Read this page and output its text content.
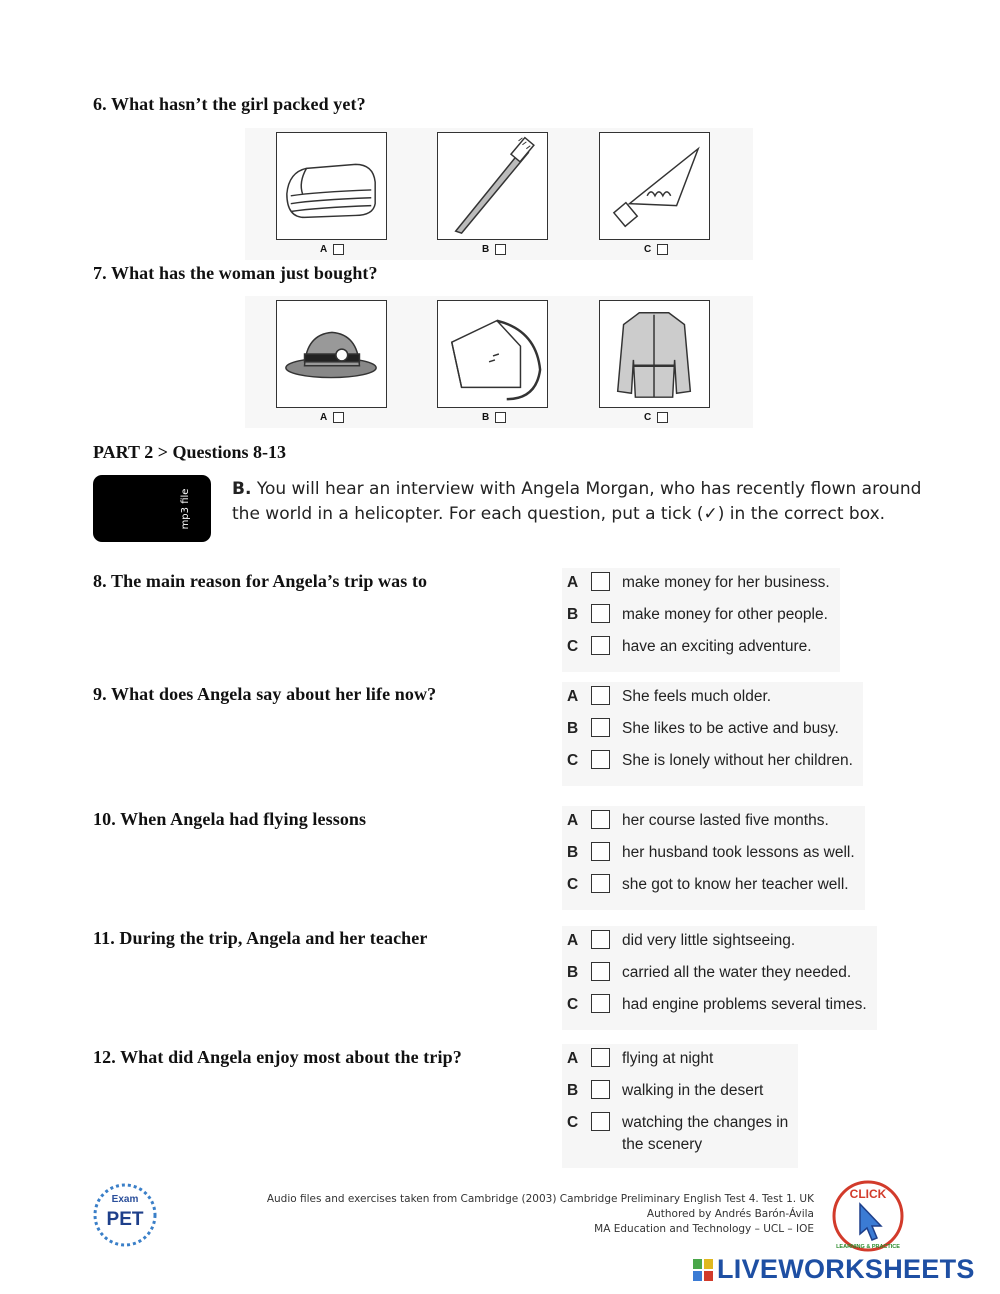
6. What hasn’t the girl packed yet?

A	B	C

7. What has the woman just bought?

A	B	C

PART 2 > Questions 8-13

mp3 file B. You will hear an interview with Angela Morgan, who has recently flown around the world in a helicopter. For each question, put a tick (✓) in the correct box.

8. The main reason for Angela’s trip was to	A	make money for her business.
B	make money for other people.
C	have an exciting adventure.

9. What does Angela say about her life now?	A	She feels much older.
B	She likes to be active and busy.
C	She is lonely without her children.

10. When Angela had flying lessons	A	her course lasted five months.
B	her husband took lessons as well.
C	she got to know her teacher well.

11. During the trip, Angela and her teacher	A	did very little sightseeing.
B	carried all the water they needed.
C	had engine problems several times.

12. What did Angela enjoy most about the trip?	A	flying at night
B	walking in the desert
C	watching the changes in
the scenery
Exam
PET
Audio files and exercises taken from Cambridge (2003) Cambridge Preliminary English Test 4. Test 1. UK
Authored by Andrés Barón-Ávila
MA Education and Technology – UCL – IOE
CLICK
LEARNING & PRACTICE
LIVEWORKSHEETS
